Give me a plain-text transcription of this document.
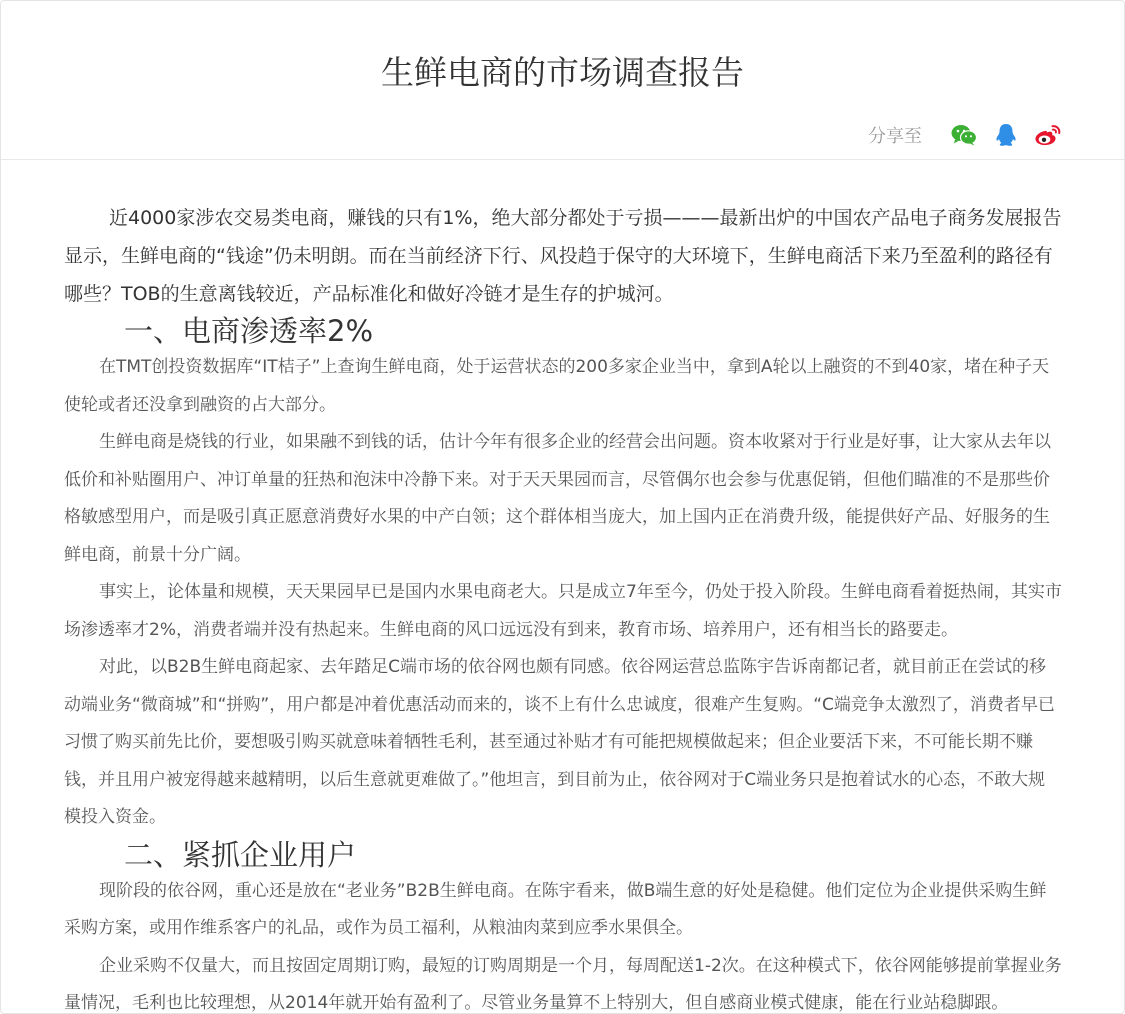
生鲜电商的市场调查报告
分享至

近4000家涉农交易类电商，赚钱的只有1%，绝大部分都处于亏损———最新出炉的中国农产品电子商务发展报告显示，生鲜电商的“钱途”仍未明朗。而在当前经济下行、风投趋于保守的大环境下，生鲜电商活下来乃至盈利的路径有哪些？TOB的生意离钱较近，产品标准化和做好冷链才是生存的护城河。

一、电商渗透率2%

在TMT创投资数据库“IT桔子”上查询生鲜电商，处于运营状态的200多家企业当中，拿到A轮以上融资的不到40家，堵在种子天使轮或者还没拿到融资的占大部分。

生鲜电商是烧钱的行业，如果融不到钱的话，估计今年有很多企业的经营会出问题。资本收紧对于行业是好事，让大家从去年以低价和补贴圈用户、冲订单量的狂热和泡沫中冷静下来。对于天天果园而言，尽管偶尔也会参与优惠促销，但他们瞄准的不是那些价格敏感型用户，而是吸引真正愿意消费好水果的中产白领；这个群体相当庞大，加上国内正在消费升级，能提供好产品、好服务的生鲜电商，前景十分广阔。

事实上，论体量和规模，天天果园早已是国内水果电商老大。只是成立7年至今，仍处于投入阶段。生鲜电商看着挺热闹，其实市场渗透率才2%，消费者端并没有热起来。生鲜电商的风口远远没有到来，教育市场、培养用户，还有相当长的路要走。

对此，以B2B生鲜电商起家、去年踏足C端市场的依谷网也颇有同感。依谷网运营总监陈宇告诉南都记者，就目前正在尝试的移动端业务“微商城”和“拼购”，用户都是冲着优惠活动而来的，谈不上有什么忠诚度，很难产生复购。“C端竞争太激烈了，消费者早已习惯了购买前先比价，要想吸引购买就意味着牺牲毛利，甚至通过补贴才有可能把规模做起来；但企业要活下来，不可能长期不赚钱，并且用户被宠得越来越精明，以后生意就更难做了。”他坦言，到目前为止，依谷网对于C端业务只是抱着试水的心态，不敢大规模投入资金。

二、紧抓企业用户

现阶段的依谷网，重心还是放在“老业务”B2B生鲜电商。在陈宇看来，做B端生意的好处是稳健。他们定位为企业提供采购生鲜采购方案，或用作维系客户的礼品，或作为员工福利，从粮油肉菜到应季水果俱全。

企业采购不仅量大，而且按固定周期订购，最短的订购周期是一个月，每周配送1-2次。在这种模式下，依谷网能够提前掌握业务量情况，毛利也比较理想，从2014年就开始有盈利了。尽管业务量算不上特别大，但自感商业模式健康，能在行业站稳脚跟。
